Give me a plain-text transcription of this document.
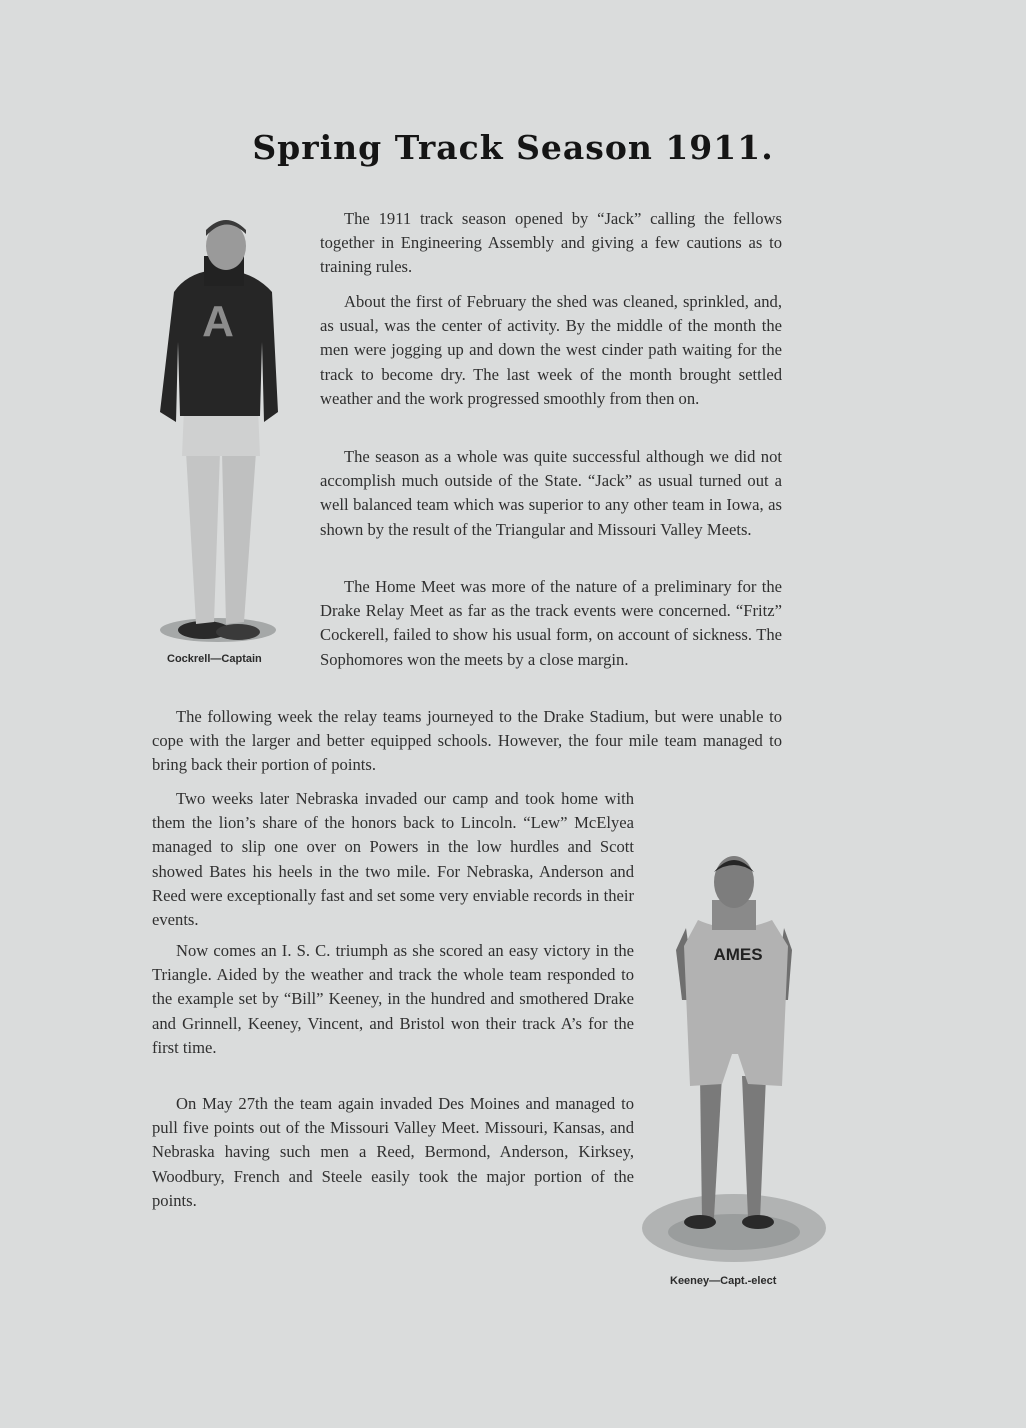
Spring Track Season 1911.
A
Cockrell—Captain
AMES
Keeney—Capt.-elect

The 1911 track season opened by “Jack” calling the fellows together in Engineering Assembly and giving a few cautions as to training rules.

About the first of February the shed was cleaned, sprinkled, and, as usual, was the center of activity. By the middle of the month the men were jogging up and down the west cinder path waiting for the track to become dry. The last week of the month brought settled weather and the work progressed smoothly from then on.

The season as a whole was quite successful although we did not accomplish much outside of the State. “Jack” as usual turned out a well balanced team which was superior to any other team in Iowa, as shown by the result of the Triangular and Missouri Valley Meets.

The Home Meet was more of the nature of a preliminary for the Drake Relay Meet as far as the track events were concerned. “Fritz” Cockerell, failed to show his usual form, on account of sickness. The Sophomores won the meets by a close margin.

The following week the relay teams journeyed to the Drake Stadium, but were unable to cope with the larger and better equipped schools. However, the four mile team managed to bring back their portion of points.

Two weeks later Nebraska invaded our camp and took home with them the lion’s share of the honors back to Lincoln. “Lew” McElyea managed to slip one over on Powers in the low hurdles and Scott showed Bates his heels in the two mile. For Nebraska, Anderson and Reed were exceptionally fast and set some very enviable records in their events.

Now comes an I. S. C. triumph as she scored an easy victory in the Triangle. Aided by the weather and track the whole team responded to the example set by “Bill” Keeney, in the hundred and smothered Drake and Grinnell, Keeney, Vincent, and Bristol won their track A’s for the first time.

On May 27th the team again invaded Des Moines and managed to pull five points out of the Missouri Valley Meet. Missouri, Kansas, and Nebraska having such men a Reed, Bermond, Anderson, Kirksey, Woodbury, French and Steele easily took the major portion of the points.
